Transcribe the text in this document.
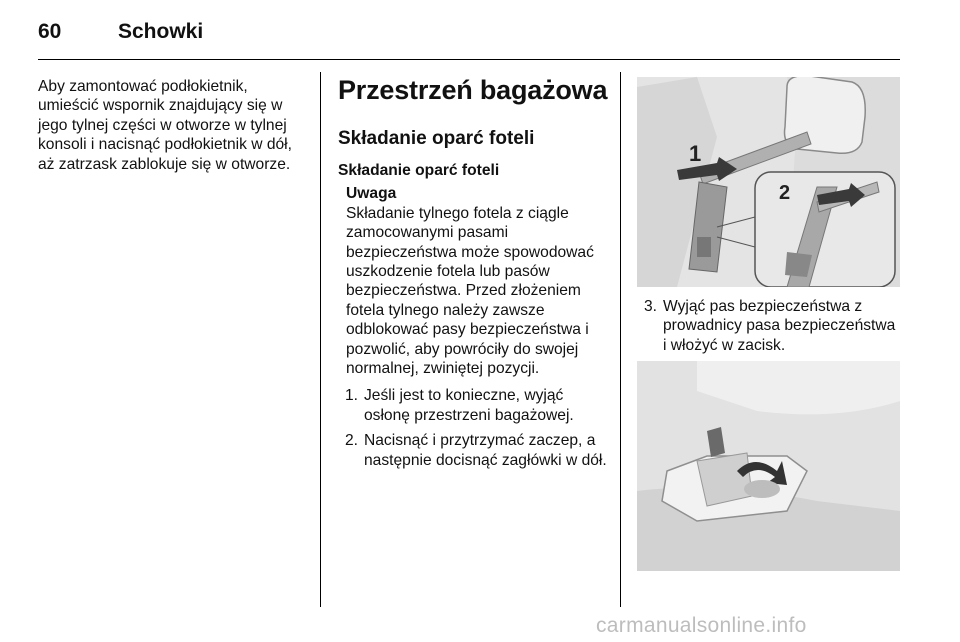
60	Schowki

Aby zamontować podłokietnik, umieścić wspornik znajdujący się w jego tylnej części w otworze w tylnej konsoli i nacisnąć podłokietnik w dół, aż zatrzask zablokuje się w otworze.

Przestrzeń bagażowa
Składanie oparć foteli
Składanie oparć foteli
Uwaga
Składanie tylnego fotela z ciągle zamocowanymi pasami bezpieczeństwa może spowodować uszkodzenie fotela lub pasów bezpieczeństwa. Przed złożeniem fotela tylnego należy zawsze odblokować pasy bezpieczeństwa i pozwolić, aby powróciły do swojej normalnej, zwiniętej pozycji.
1. Jeśli jest to konieczne, wyjąć osłonę przestrzeni bagażowej.
2. Nacisnąć i przytrzymać zaczep, a następnie docisnąć zagłówki w dół.
1
2
3. Wyjąć pas bezpieczeństwa z prowadnicy pasa bezpieczeństwa i włożyć w zacisk.
carmanualsonline.info
